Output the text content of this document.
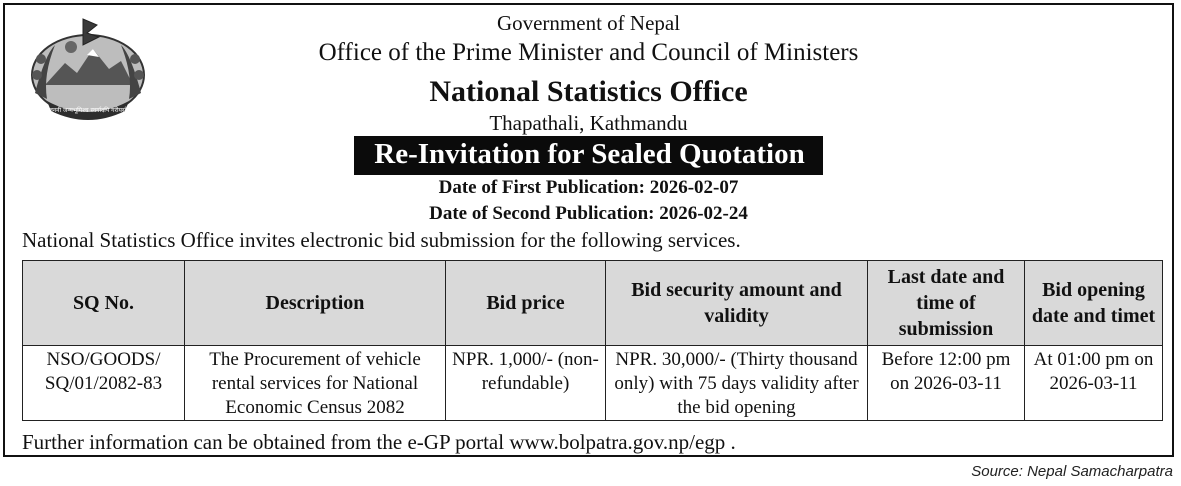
जननी जन्मभूमिश्च स्वर्गादपि गरीयसी
Government of Nepal
Office of the Prime Minister and Council of Ministers
National Statistics Office
Thapathali, Kathmandu
Re-Invitation for Sealed Quotation
Date of First Publication: 2026-02-07
Date of Second Publication: 2026-02-24
National Statistics Office invites electronic bid submission for the following services.
SQ No.	Description	Bid price	Bid security amount and validity	Last date and time of submission	Bid opening date and timet
NSO/GOODS/ SQ/01/2082-83	The Procurement of vehicle rental services for National Economic Census 2082	NPR. 1,000/- (non-refundable)	NPR. 30,000/- (Thirty thousand only) with 75 days validity after the bid opening	Before 12:00 pm on 2026-03-11	At 01:00 pm on 2026-03-11
Further information can be obtained from the e-GP portal www.bolpatra.gov.np/egp .
Source: Nepal Samacharpatra
